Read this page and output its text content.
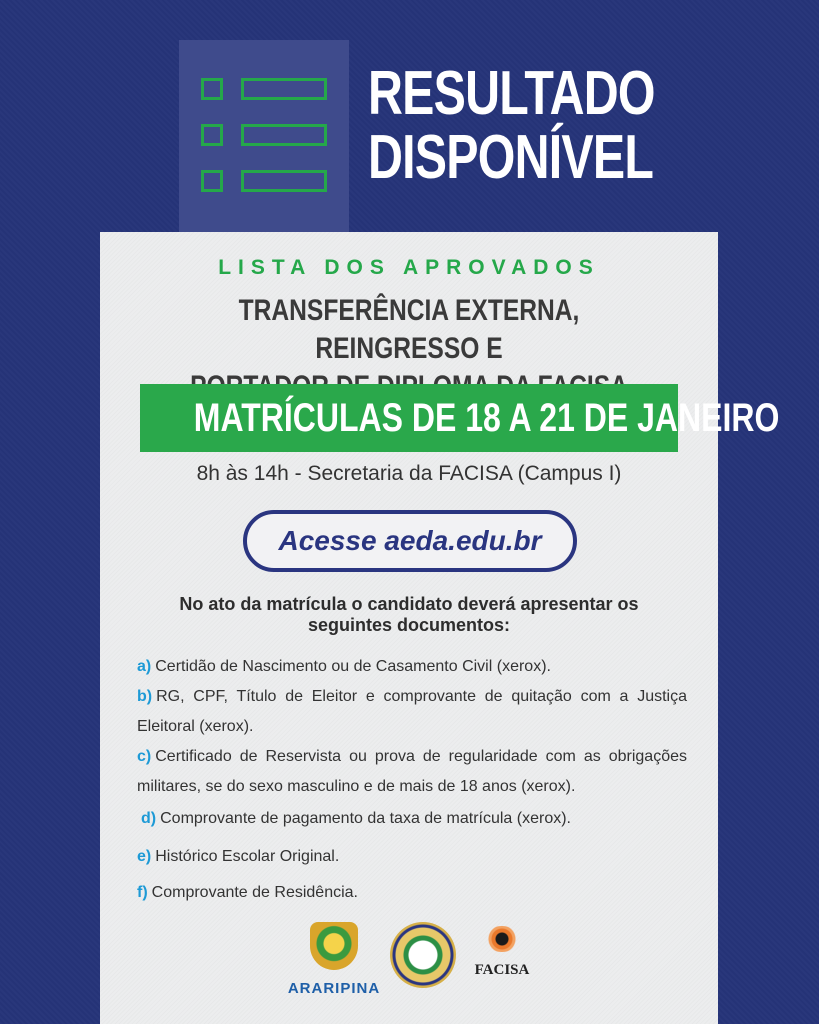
RESULTADO
DISPONÍVEL
LISTA DOS APROVADOS
TRANSFERÊNCIA EXTERNA, REINGRESSO E
MATRÍCULAS DE 18 A 21 DE JANEIRO
8h às 14h - Secretaria da FACISA (Campus I)
Acesse aeda.edu.br
No ato da matrícula o candidato deverá apresentar os
seguintes documentos:
a) Certidão de Nascimento ou de Casamento Civil (xerox).
b) RG, CPF, Título de Eleitor e comprovante de quitação com a Justiça Eleitoral (xerox).
c) Certificado de Reservista ou prova de regularidade com as obrigações militares, se do sexo masculino e de mais de 18 anos (xerox).
d) Comprovante de pagamento da taxa de matrícula (xerox).
e) Histórico Escolar Original.
f) Comprovante de Residência.
ARARIPINA
FACISA
